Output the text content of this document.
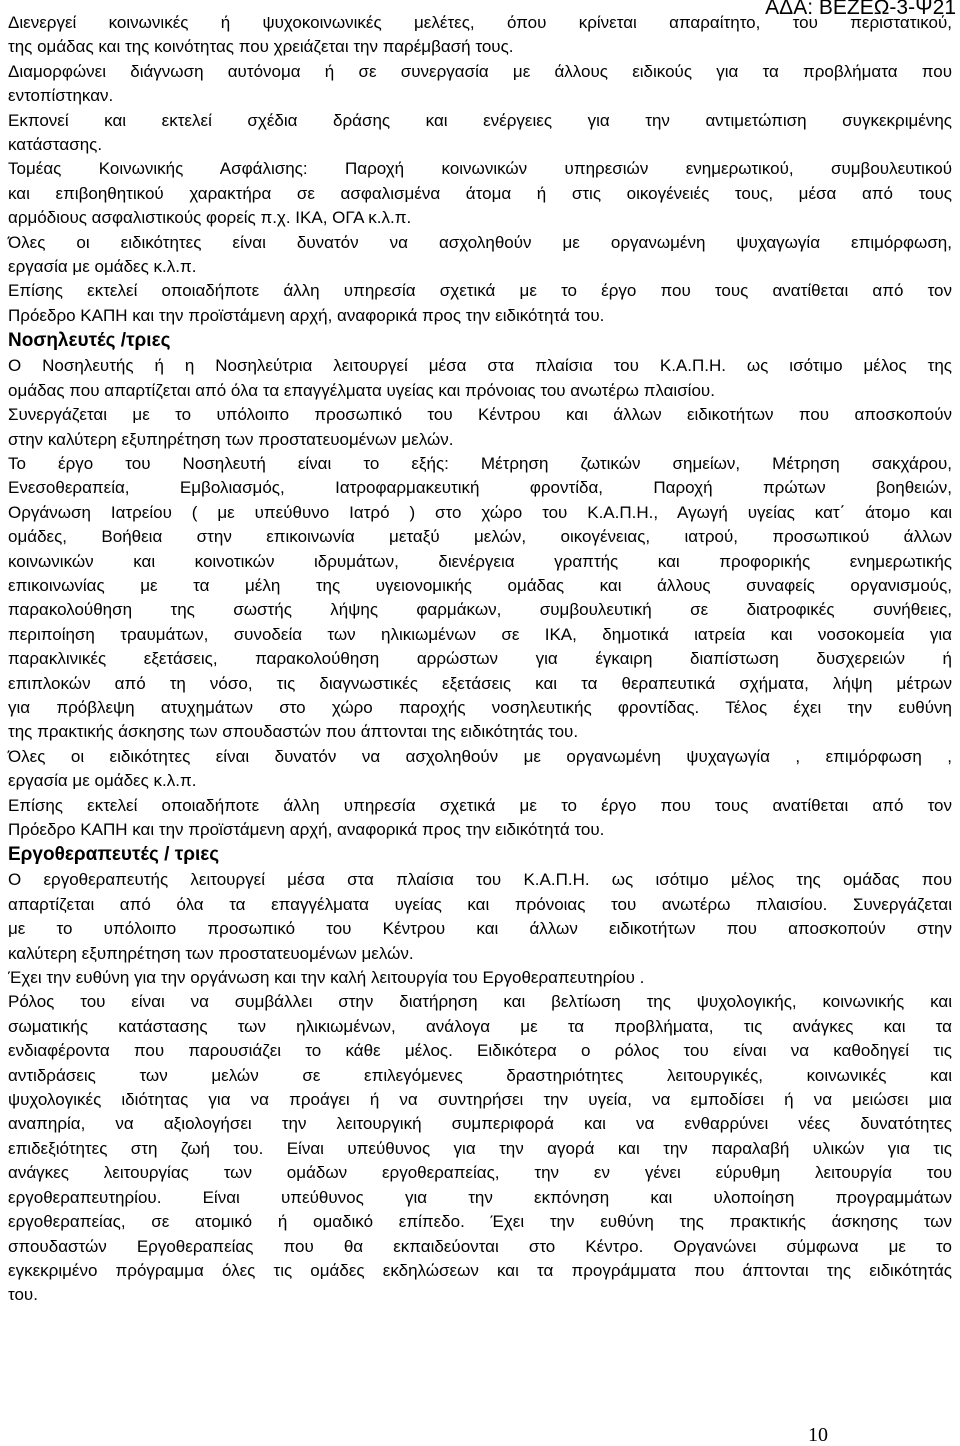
ΑΔΑ: ΒΕΖΕΩ-3-Ψ21
Διενεργεί κοινωνικές ή ψυχοκοινωνικές μελέτες, όπου κρίνεται απαραίτητο, του περιστατικού,
της ομάδας και της κοινότητας που χρειάζεται την παρέμβασή τους.
Διαμορφώνει διάγνωση αυτόνομα ή σε συνεργασία με άλλους ειδικούς για τα προβλήματα που
εντοπίστηκαν.
Εκπονεί και εκτελεί σχέδια δράσης και ενέργειες για την αντιμετώπιση συγκεκριμένης
κατάστασης.
Τομέας Κοινωνικής Ασφάλισης: Παροχή κοινωνικών υπηρεσιών ενημερωτικού, συμβουλευτικού
και επιβοηθητικού χαρακτήρα σε ασφαλισμένα άτομα ή στις οικογένειές τους, μέσα από τους
αρμόδιους ασφαλιστικούς φορείς π.χ. ΙΚΑ, ΟΓΑ κ.λ.π.
Όλες οι ειδικότητες είναι δυνατόν να ασχοληθούν με οργανωμένη ψυχαγωγία επιμόρφωση,
εργασία με ομάδες κ.λ.π.
Επίσης εκτελεί οποιαδήποτε άλλη υπηρεσία σχετικά με το έργο που τους ανατίθεται από τον
Πρόεδρο ΚΑΠΗ και την προϊστάμενη αρχή, αναφορικά προς την ειδικότητά του.
Νοσηλευτές /τριες
Ο Νοσηλευτής ή η Νοσηλεύτρια λειτουργεί μέσα στα πλαίσια του Κ.Α.Π.Η. ως ισότιμο μέλος της
ομάδας που απαρτίζεται από όλα τα επαγγέλματα υγείας και πρόνοιας του ανωτέρω πλαισίου.
Συνεργάζεται με το υπόλοιπο προσωπικό του Κέντρου και άλλων ειδικοτήτων που αποσκοπούν
στην καλύτερη εξυπηρέτηση των προστατευομένων μελών.
Το έργο του Νοσηλευτή είναι το εξής: Μέτρηση ζωτικών σημείων, Μέτρηση σακχάρου,
Ενεσοθεραπεία, Εμβολιασμός, Ιατροφαρμακευτική φροντίδα, Παροχή πρώτων βοηθειών,
Οργάνωση Ιατρείου ( με υπεύθυνο Ιατρό ) στο χώρο του Κ.Α.Π.Η., Αγωγή υγείας κατ΄ άτομο και
ομάδες, Βοήθεια στην επικοινωνία μεταξύ μελών, οικογένειας, ιατρού, προσωπικού άλλων
κοινωνικών και κοινοτικών ιδρυμάτων, διενέργεια γραπτής και προφορικής ενημερωτικής
επικοινωνίας με τα μέλη της υγειονομικής ομάδας και άλλους συναφείς οργανισμούς,
παρακολούθηση της σωστής λήψης φαρμάκων, συμβουλευτική σε διατροφικές συνήθειες,
περιποίηση τραυμάτων, συνοδεία των ηλικιωμένων σε ΙΚΑ, δημοτικά ιατρεία και νοσοκομεία για
παρακλινικές εξετάσεις, παρακολούθηση αρρώστων για έγκαιρη διαπίστωση δυσχερειών ή
επιπλοκών από τη νόσο, τις διαγνωστικές εξετάσεις και τα θεραπευτικά σχήματα, λήψη μέτρων
για πρόβλεψη ατυχημάτων στο χώρο παροχής νοσηλευτικής φροντίδας. Τέλος έχει την ευθύνη
της πρακτικής άσκησης των σπουδαστών που άπτονται της ειδικότητάς του.
Όλες οι ειδικότητες είναι δυνατόν να ασχοληθούν με οργανωμένη ψυχαγωγία , επιμόρφωση ,
εργασία με ομάδες κ.λ.π.
Επίσης εκτελεί οποιαδήποτε άλλη υπηρεσία σχετικά με το έργο που τους ανατίθεται από τον
Πρόεδρο ΚΑΠΗ και την προϊστάμενη αρχή, αναφορικά προς την ειδικότητά του.
Εργοθεραπευτές / τριες
Ο εργοθεραπευτής λειτουργεί μέσα στα πλαίσια του Κ.Α.Π.Η. ως ισότιμο μέλος της ομάδας που
απαρτίζεται από όλα τα επαγγέλματα υγείας και πρόνοιας του ανωτέρω πλαισίου. Συνεργάζεται
με το υπόλοιπο προσωπικό του Κέντρου και άλλων ειδικοτήτων που αποσκοπούν στην
καλύτερη εξυπηρέτηση των προστατευομένων μελών.
Έχει την ευθύνη για την οργάνωση και την καλή λειτουργία του Εργοθεραπευτηρίου .
Ρόλος του είναι να συμβάλλει στην διατήρηση και βελτίωση της ψυχολογικής, κοινωνικής και
σωματικής κατάστασης των ηλικιωμένων, ανάλογα με τα προβλήματα, τις ανάγκες και τα
ενδιαφέροντα που παρουσιάζει το κάθε μέλος. Ειδικότερα ο ρόλος του είναι να καθοδηγεί τις
αντιδράσεις των μελών σε επιλεγόμενες δραστηριότητες λειτουργικές, κοινωνικές και
ψυχολογικές ιδιότητας για να προάγει ή να συντηρήσει την υγεία, να εμποδίσει ή να μειώσει μια
αναπηρία, να αξιολογήσει την λειτουργική συμπεριφορά και να ενθαρρύνει νέες δυνατότητες
επιδεξιότητες στη ζωή του. Είναι υπεύθυνος για την αγορά και την παραλαβή υλικών για τις
ανάγκες λειτουργίας των ομάδων εργοθεραπείας, την εν γένει εύρυθμη λειτουργία του
εργοθεραπευτηρίου. Είναι υπεύθυνος για την εκπόνηση και υλοποίηση προγραμμάτων
εργοθεραπείας, σε ατομικό ή ομαδικό επίπεδο. Έχει την ευθύνη της πρακτικής άσκησης των
σπουδαστών Εργοθεραπείας που θα εκπαιδεύονται στο Κέντρο. Οργανώνει σύμφωνα με το
εγκεκριμένο πρόγραμμα όλες τις ομάδες εκδηλώσεων και τα προγράμματα που άπτονται της ειδικότητάς
του.
10
